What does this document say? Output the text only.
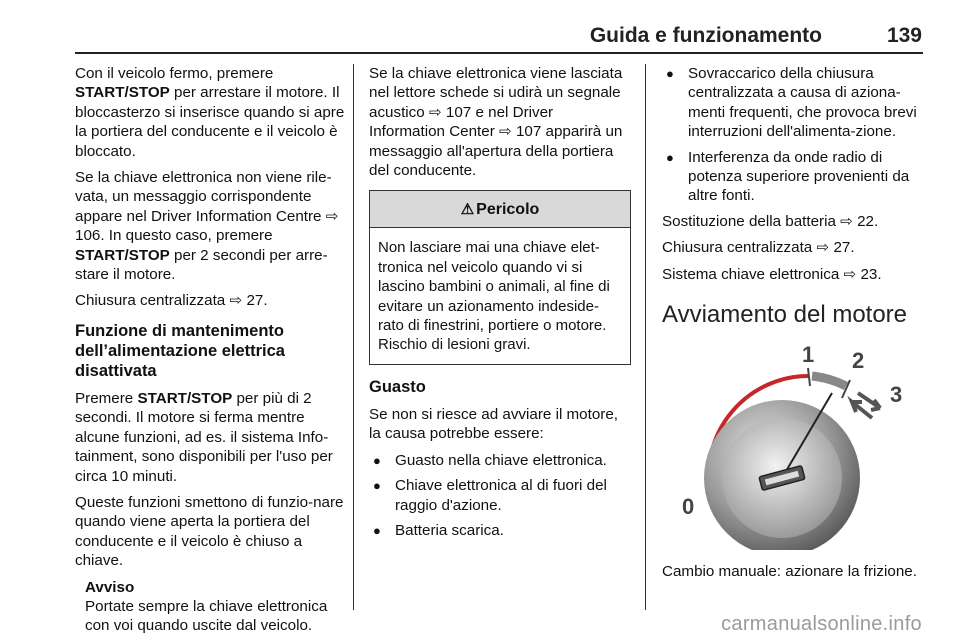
Guida e funzionamento	139

Con il veicolo fermo, premere
START/STOP per arrestare il motore. Il bloccasterzo si inserisce quando si apre la portiera del conducente e il veicolo è bloccato.

Se la chiave elettronica non viene rile-vata, un messaggio corrispondente appare nel Driver Information Centre ⇨ 106. In questo caso, premere START/STOP per 2 secondi per arre-stare il motore.

Chiusura centralizzata ⇨ 27.

Funzione di mantenimento dell’alimentazione elettrica disattivata

Premere START/STOP per più di 2 secondi. Il motore si ferma mentre alcune funzioni, ad es. il sistema Info-tainment, sono disponibili per l'uso per circa 10 minuti.

Queste funzioni smettono di funzio-nare quando viene aperta la portiera del conducente e il veicolo è chiuso a chiave.

Avviso
Portate sempre la chiave elettronica con voi quando uscite dal veicolo.

Se la chiave elettronica viene lasciata nel lettore schede si udirà un segnale acustico ⇨ 107 e nel Driver Information Center ⇨ 107 apparirà un messaggio all'apertura della portiera del conducente.

⚠ Pericolo
Non lasciare mai una chiave elet-tronica nel veicolo quando vi si lascino bambini o animali, al fine di evitare un azionamento indeside-rato di finestrini, portiere o motore. Rischio di lesioni gravi.
Guasto

Se non si riesce ad avviare il motore, la causa potrebbe essere:

● Guasto nella chiave elettronica.
● Chiave elettronica al di fuori del raggio d'azione.
● Batteria scarica.
● Sovraccarico della chiusura centralizzata a causa di aziona-menti frequenti, che provoca brevi interruzioni dell'alimenta-zione.
● Interferenza da onde radio di potenza superiore provenienti da altre fonti.

Sostituzione della batteria ⇨ 22.

Chiusura centralizzata ⇨ 27.

Sistema chiave elettronica ⇨ 23.

Avviamento del motore
0
1 2
3

Cambio manuale: azionare la frizione.

carmanualsonline.info
